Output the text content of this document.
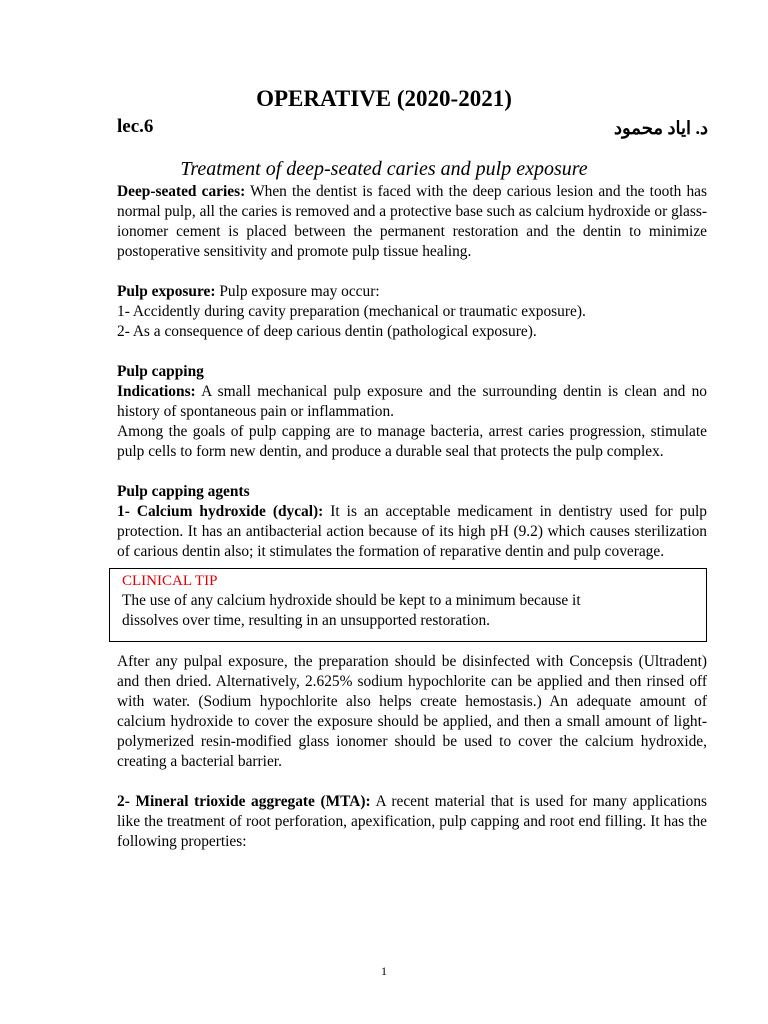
OPERATIVE (2020-2021)
lec.6	د. اياد محمود
Treatment of deep-seated caries and pulp exposure

Deep-seated caries: When the dentist is faced with the deep carious lesion and the tooth has normal pulp, all the caries is removed and a protective base such as calcium hydroxide or glass-ionomer cement is placed between the permanent restoration and the dentin to minimize postoperative sensitivity and promote pulp tissue healing.

Pulp exposure: Pulp exposure may occur:

1- Accidently during cavity preparation (mechanical or traumatic exposure).

2- As a consequence of deep carious dentin (pathological exposure).

Pulp capping

Indications: A small mechanical pulp exposure and the surrounding dentin is clean and no history of spontaneous pain or inflammation.

Among the goals of pulp capping are to manage bacteria, arrest caries progression, stimulate pulp cells to form new dentin, and produce a durable seal that protects the pulp complex.

Pulp capping agents

1- Calcium hydroxide (dycal): It is an acceptable medicament in dentistry used for pulp protection. It has an antibacterial action because of its high pH (9.2) which causes sterilization of carious dentin also; it stimulates the formation of reparative dentin and pulp coverage.

CLINICAL TIP
The use of any calcium hydroxide should be kept to a minimum because it
dissolves over time, resulting in an unsupported restoration.

After any pulpal exposure, the preparation should be disinfected with Concepsis (Ultradent) and then dried. Alternatively, 2.625% sodium hypochlorite can be applied and then rinsed off with water. (Sodium hypochlorite also helps create hemostasis.) An adequate amount of calcium hydroxide to cover the exposure should be applied, and then a small amount of light-polymerized resin-modified glass ionomer should be used to cover the calcium hydroxide, creating a bacterial barrier.

2- Mineral trioxide aggregate (MTA): A recent material that is used for many applications like the treatment of root perforation, apexification, pulp capping and root end filling. It has the following properties:

1
